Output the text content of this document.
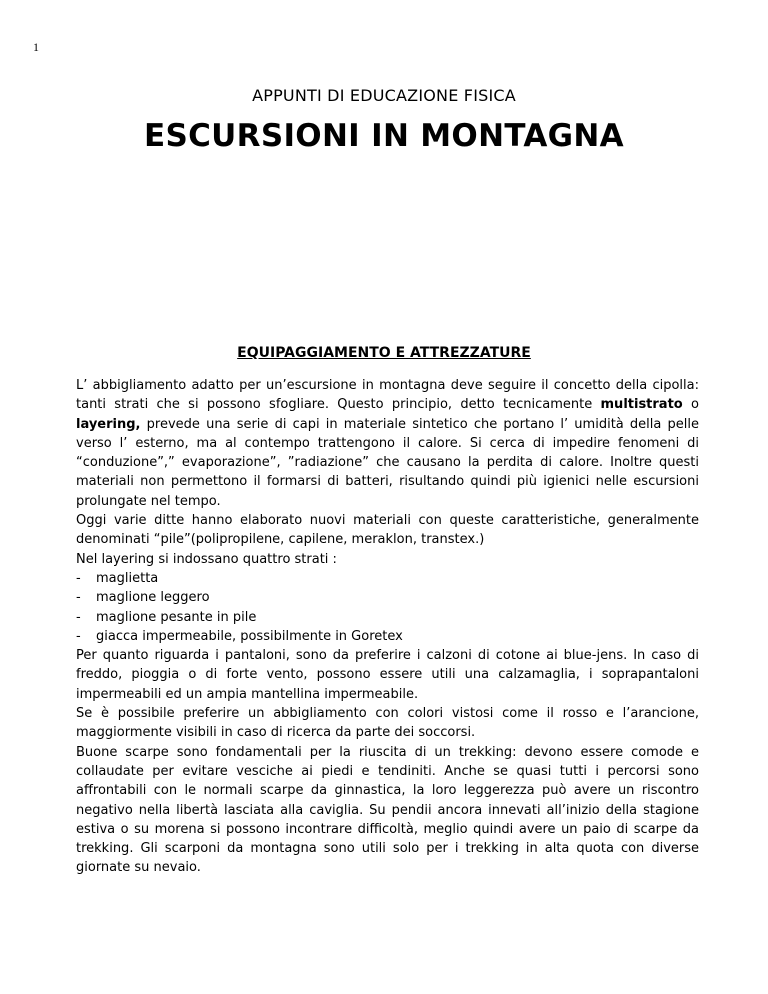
1
APPUNTI DI EDUCAZIONE FISICA
ESCURSIONI IN MONTAGNA
EQUIPAGGIAMENTO E ATTREZZATURE

L’ abbigliamento adatto per un’escursione in montagna deve seguire il concetto della cipolla: tanti strati che si possono sfogliare. Questo principio, detto tecnicamente multistrato o layering, prevede una serie di capi in materiale sintetico che portano l’ umidità della pelle verso l’ esterno, ma al contempo trattengono il calore. Si cerca di impedire fenomeni di “conduzione”,” evaporazione”, ”radiazione” che causano la perdita di calore. Inoltre questi materiali non permettono il formarsi di batteri, risultando quindi più igienici nelle escursioni prolungate nel tempo.

Oggi varie ditte hanno elaborato nuovi materiali con queste caratteristiche, generalmente denominati “pile”(polipropilene, capilene, meraklon, transtex.)

Nel layering si indossano quattro strati :

- maglietta
- maglione leggero
- maglione pesante in pile
- giacca impermeabile, possibilmente in Goretex

Per quanto riguarda i pantaloni, sono da preferire i calzoni di cotone ai blue-jens. In caso di freddo, pioggia o di forte vento, possono essere utili una calzamaglia, i soprapantaloni impermeabili ed un ampia mantellina impermeabile.

Se è possibile preferire un abbigliamento con colori vistosi come il rosso e l’arancione, maggiormente visibili in caso di ricerca da parte dei soccorsi.

Buone scarpe sono fondamentali per la riuscita di un trekking: devono essere comode e collaudate per evitare vesciche ai piedi e tendiniti. Anche se quasi tutti i percorsi sono affrontabili con le normali scarpe da ginnastica, la loro leggerezza può avere un riscontro negativo nella libertà lasciata alla caviglia. Su pendii ancora innevati all’inizio della stagione estiva o su morena si possono incontrare difficoltà, meglio quindi avere un paio di scarpe da trekking. Gli scarponi da montagna sono utili solo per i trekking in alta quota con diverse giornate su nevaio.
